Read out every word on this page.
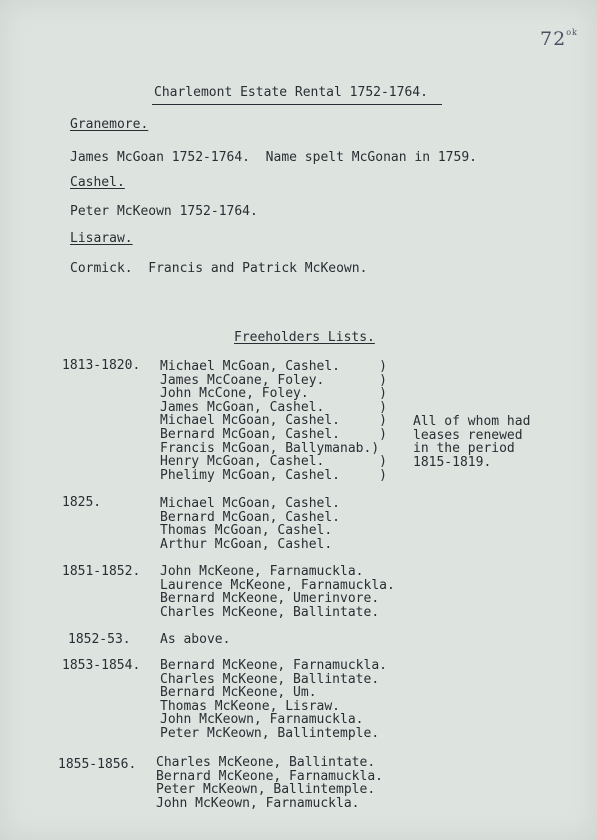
$72^{ok}$
Charlemont Estate Rental 1752-1764.
Granemore.
James McGoan 1752-1764.  Name spelt McGonan in 1759.
Cashel.
Peter McKeown 1752-1764.
Lisaraw.
Cormick.  Francis and Patrick McKeown.
Freeholders Lists.
1813-1820. Michael McGoan, Cashel.     )
James McCoane, Foley.       )
John McCone, Foley.         )
James McGoan, Cashel.       )
Michael McGoan, Cashel.     )
Bernard McGoan, Cashel.     )
Francis McGoan, Ballymanab.)
Henry McGoan, Cashel.       )
Phelimy McGoan, Cashel.     )
All of whom had
leases renewed
in the period
1815-1819.
1825.	Michael McGoan, Cashel.
Bernard McGoan, Cashel.
Thomas McGoan, Cashel.
Arthur McGoan, Cashel.
1851-1852. John McKeone, Farnamuckla.
Laurence McKeone, Farnamuckla.
Bernard McKeone, Umerinvore.
Charles McKeone, Ballintate.
1852-53. As above.
1853-1854. Bernard McKeone, Farnamuckla.
Charles McKeone, Ballintate.
Bernard McKeone, Um.
Thomas McKeone, Lisraw.
John McKeown, Farnamuckla.
Peter McKeown, Ballintemple.
1855-1856. Charles McKeone, Ballintate.
Bernard McKeone, Farnamuckla.
Peter McKeown, Ballintemple.
John McKeown, Farnamuckla.
